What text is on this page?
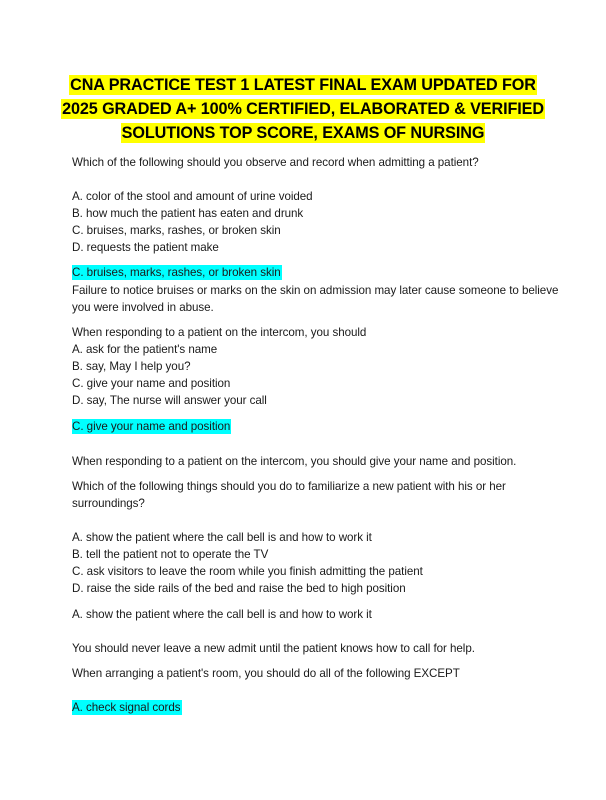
CNA PRACTICE TEST 1 LATEST FINAL EXAM UPDATED FOR
2025 GRADED A+ 100% CERTIFIED, ELABORATED & VERIFIED
SOLUTIONS TOP SCORE, EXAMS OF NURSING
Which of the following should you observe and record when admitting a patient?
A. color of the stool and amount of urine voided
B. how much the patient has eaten and drunk
C. bruises, marks, rashes, or broken skin
D. requests the patient make
C. bruises, marks, rashes, or broken skin
Failure to notice bruises or marks on the skin on admission may later cause someone to believe
you were involved in abuse.
When responding to a patient on the intercom, you should
A. ask for the patient's name
B. say, May I help you?
C. give your name and position
D. say, The nurse will answer your call
C. give your name and position
When responding to a patient on the intercom, you should give your name and position.
Which of the following things should you do to familiarize a new patient with his or her
surroundings?
A. show the patient where the call bell is and how to work it
B. tell the patient not to operate the TV
C. ask visitors to leave the room while you finish admitting the patient
D. raise the side rails of the bed and raise the bed to high position
A. show the patient where the call bell is and how to work it
You should never leave a new admit until the patient knows how to call for help.
When arranging a patient's room, you should do all of the following EXCEPT
A. check signal cords
